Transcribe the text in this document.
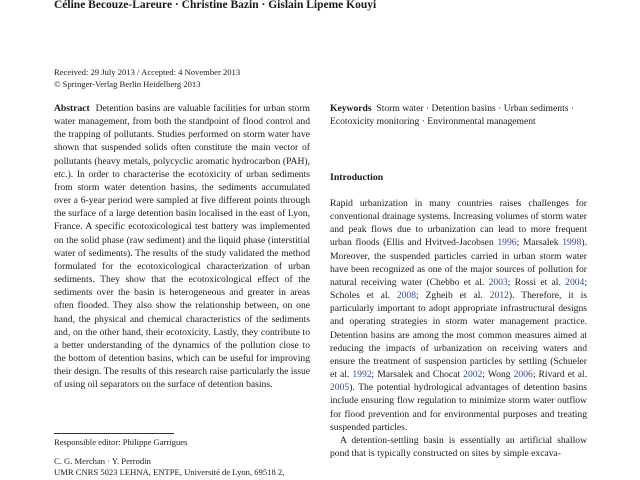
Céline Becouze-Lareure · Christine Bazin · Gislain Lipeme Kouyi
Received: 29 July 2013 / Accepted: 4 November 2013
© Springer-Verlag Berlin Heidelberg 2013

Abstract Detention basins are valuable facilities for urban storm water management, from both the standpoint of flood control and the trapping of pollutants. Studies performed on storm water have shown that suspended solids often constitute the main vector of pollutants (heavy metals, polycyclic aromatic hydrocarbon (PAH), etc.). In order to characterise the ecotoxicity of urban sediments from storm water detention basins, the sediments accumulated over a 6-year period were sampled at five different points through the surface of a large detention basin localised in the east of Lyon, France. A specific ecotoxicological test battery was implemented on the solid phase (raw sediment) and the liquid phase (interstitial water of sediments). The results of the study validated the method formulated for the ecotoxicological characterization of urban sediments. They show that the ecotoxicological effect of the sediments over the basin is heterogeneous and greater in areas often flooded. They also show the relationship between, on one hand, the physical and chemical characteristics of the sediments and, on the other hand, their ecotoxicity. Lastly, they contribute to a better understanding of the dynamics of the pollution close to the bottom of detention basins, which can be useful for improving their design. The results of this research raise particularly the issue of using oil separators on the surface of detention basins.

Responsible editor: Philippe Garrigues
C. G. Merchan · Y. Perrodin
UMR CNRS 5023 LEHNA, ENTPE, Université de Lyon, 69518 2,
Keywords Storm water · Detention basins · Urban sediments · Ecotoxicity monitoring · Environmental management
Introduction

Rapid urbanization in many countries raises challenges for conventional drainage systems. Increasing volumes of storm water and peak flows due to urbanization can lead to more frequent urban floods (Ellis and Hvitved-Jacobsen 1996; Marsalek 1998). Moreover, the suspended particles carried in urban storm water have been recognized as one of the major sources of pollution for natural receiving water (Chebbo et al. 2003; Rossi et al. 2004; Scholes et al. 2008; Zgheib et al. 2012). Therefore, it is particularly important to adopt appropriate infrastructural designs and operating strategies in storm water management practice. Detention basins are among the most common measures aimed at reducing the impacts of urbanization on receiving waters and ensure the treatment of suspension particles by settling (Schueler et al. 1992; Marsalek and Chocat 2002; Wong 2006; Rivard et al. 2005). The potential hydrological advantages of detention basins include ensuring flow regulation to minimize storm water outflow for flood prevention and for environmental purposes and treating suspended particles.

A detention-settling basin is essentially an artificial shallow pond that is typically constructed on sites by simple excava-
